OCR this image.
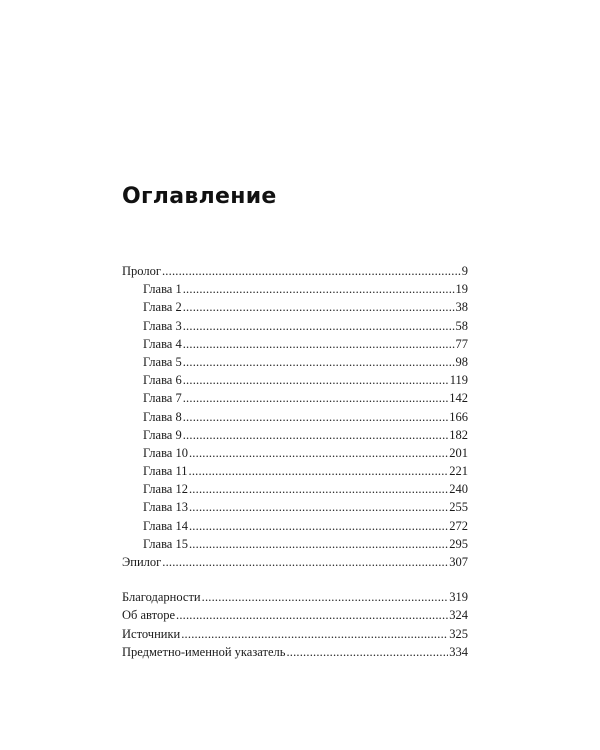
Оглавление
Пролог .....	9
Глава 1 .....	19
Глава 2 .....	38
Глава 3 .....	58
Глава 4 .....	77
Глава 5 .....	98
Глава 6 .....	119
Глава 7 .....	142
Глава 8 .....	166
Глава 9 .....	182
Глава 10 .....	201
Глава 11 .....	221
Глава 12 .....	240
Глава 13 .....	255
Глава 14 .....	272
Глава 15 .....	295
Эпилог .....	307
Благодарности .....	319
Об авторе .....	324
Источники .....	325
Предметно-именной указатель .....	334
